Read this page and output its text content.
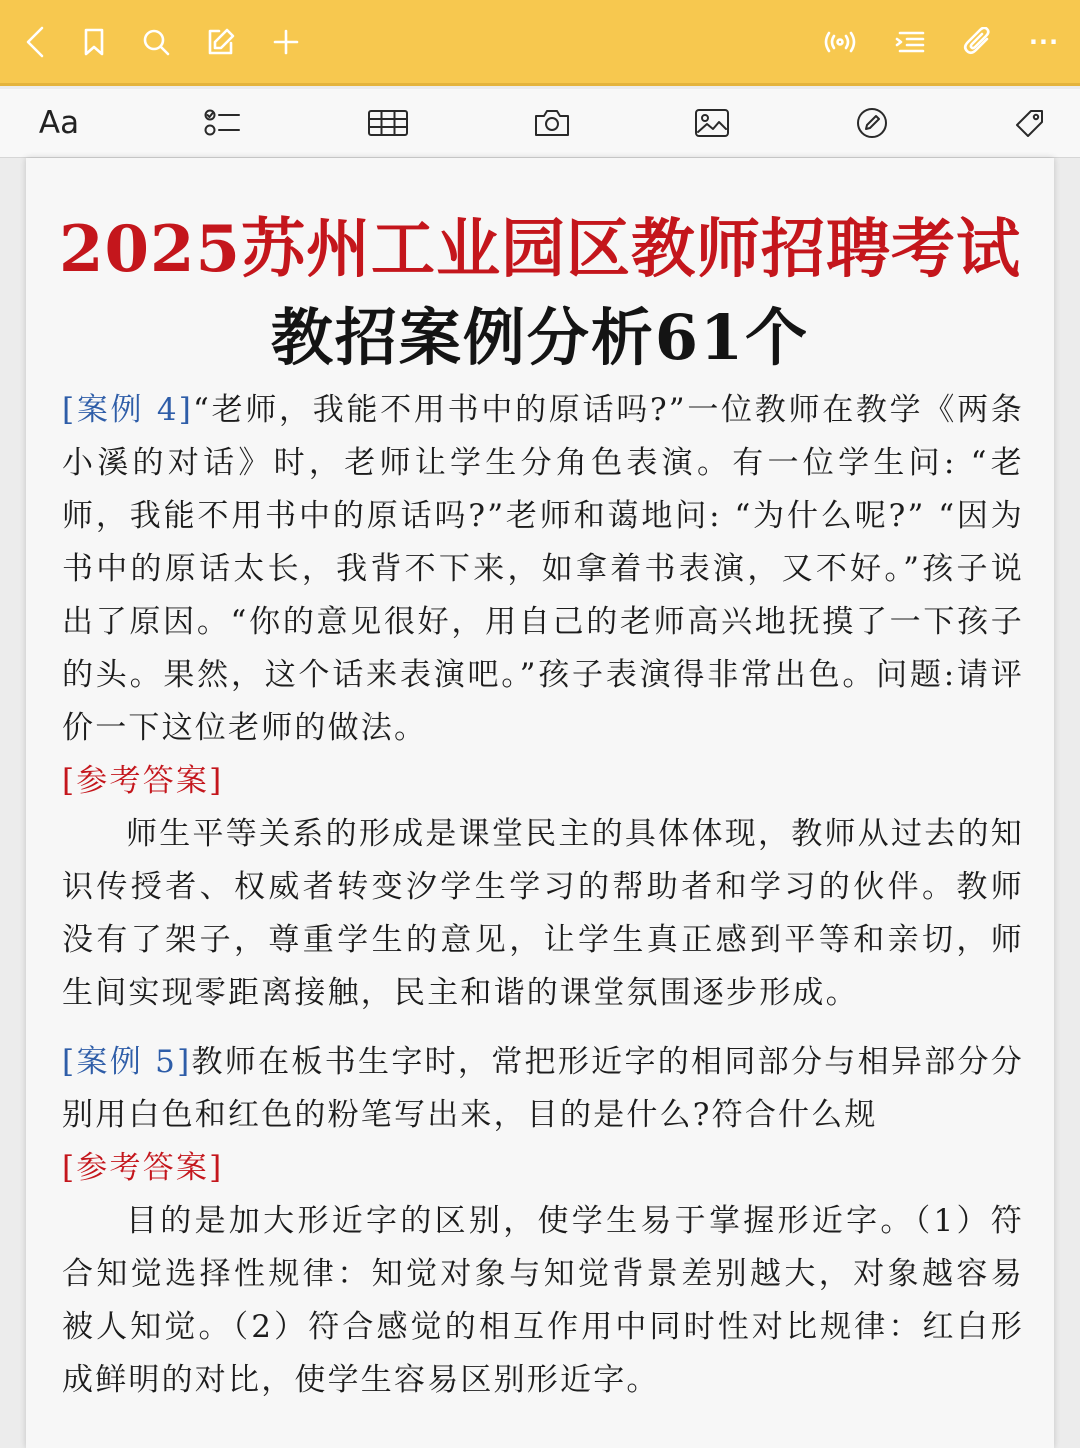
···
Aa
2025苏州工业园区教师招聘考试
教招案例分析61个

[案例 4]“老师，我能不用书中的原话吗?”一位教师在教学《两条小溪的对话》时，老师让学生分角色表演。有一位学生问: “老师，我能不用书中的原话吗?”老师和蔼地问: “为什么呢?” “因为书中的原话太长，我背不下来，如拿着书表演，又不好。”孩子说出了原因。“你的意见很好，用自己的老师高兴地抚摸了一下孩子的头。果然，这个话来表演吧。”孩子表演得非常出色。问题:请评价一下这位老师的做法。

[参考答案]

师生平等关系的形成是课堂民主的具体体现，教师从过去的知识传授者、权威者转变汐学生学习的帮助者和学习的伙伴。教师没有了架子，尊重学生的意见，让学生真正感到平等和亲切，师生间实现零距离接触，民主和谐的课堂氛围逐步形成。

[案例 5]教师在板书生字时，常把形近字的相同部分与相异部分分别用白色和红色的粉笔写出来，目的是什么?符合什么规

[参考答案]

目的是加大形近字的区别，使学生易于掌握形近字。（1）符合知觉选择性规律：知觉对象与知觉背景差别越大，对象越容易被人知觉。（2）符合感觉的相互作用中同时性对比规律：红白形成鲜明的对比，使学生容易区别形近字。
